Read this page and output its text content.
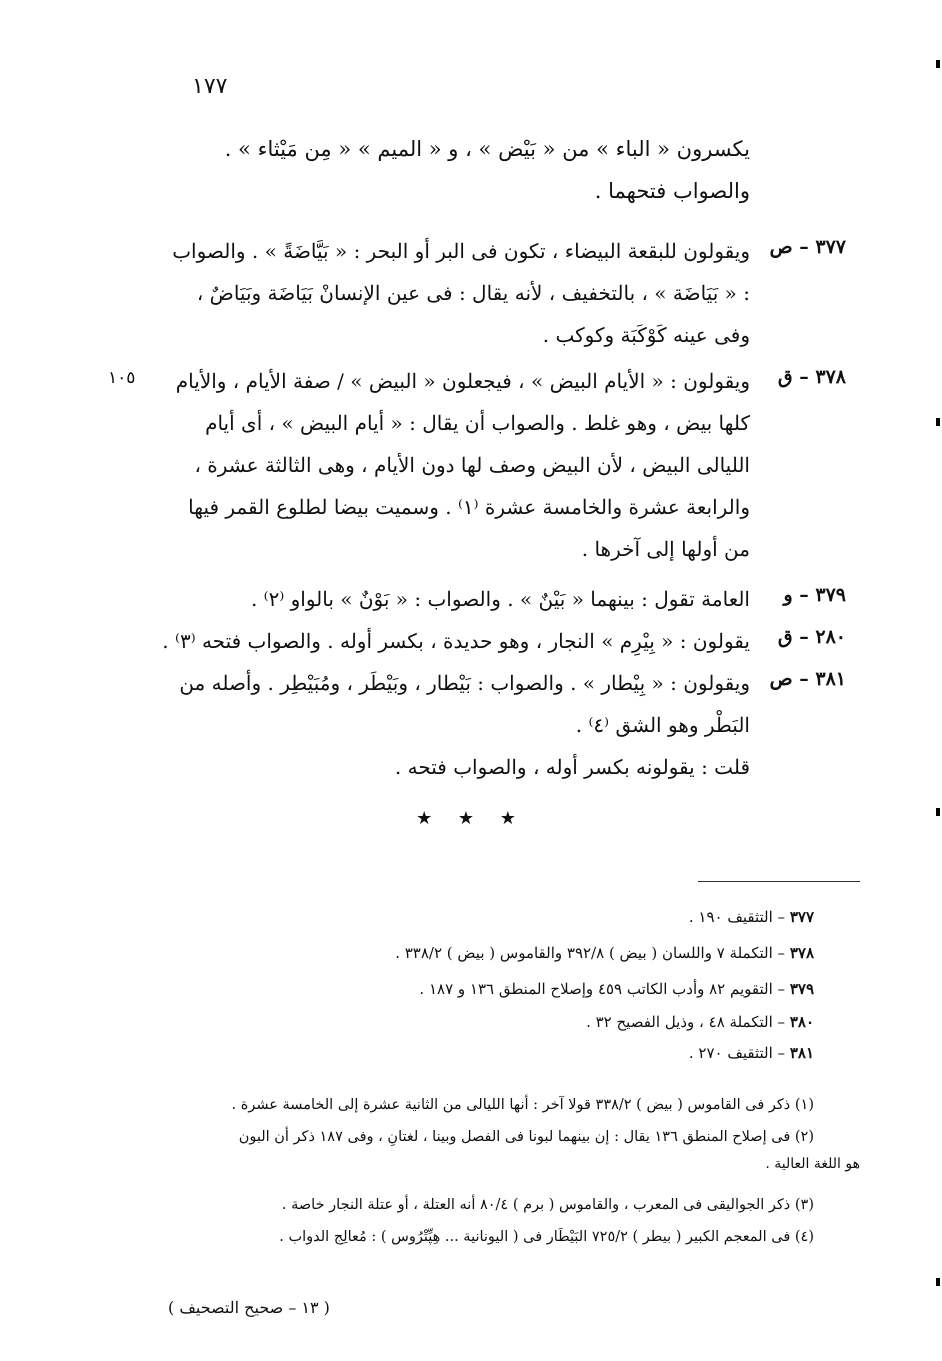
١٧٧
يكسرون « الباء » من « بَيْض » ، و « الميم » « مِن مَيْثاء » . والصواب فتحهما .
٣٧٧ – ص
ويقولون للبقعة البيضاء ، تكون فى البر أو البحر : « بَيَّاضَةً » . والصواب : « بَيَاضَة » ، بالتخفيف ، لأنه يقال : فى عين الإنسانْ بَيَاضَة وبَيَاضٌ ، وفى عينه كَوْكَبَة وكوكب .
٣٧٨ – ق
١٠٥	ويقولون : « الأيام البيض » ، فيجعلون « البيض » / صفة الأيام ، والأيام كلها بيض ، وهو غلط . والصواب أن يقال : « أيام البيض » ، أى أيام الليالى البيض ، لأن البيض وصف لها دون الأيام ، وهى الثالثة عشرة ، والرابعة عشرة والخامسة عشرة ⁽١⁾ . وسميت بيضا لطلوع القمر فيها من أولها إلى آخرها .
٣٧٩ – و
العامة تقول : بينهما « بَيْنٌ » . والصواب : « بَوْنٌ » بالواو ⁽٢⁾ .
٢٨٠ – ق
يقولون : « بِيْرِم » النجار ، وهو حديدة ، بكسر أوله . والصواب فتحه ⁽٣⁾ .
٣٨١ – ص
ويقولون : « بِيْطار » . والصواب : بَيْطار ، وبَيْطَر ، ومُبَيْطِر . وأصله من البَطْر وهو الشق ⁽٤⁾ .
قلت : يقولونه بكسر أوله ، والصواب فتحه .
★ ★ ★
٣٧٧ – التثقيف ١٩٠ .
٣٧٨ – التكملة ٧ واللسان ( بيض ) ٣٩٢/٨ والقاموس ( بيض ) ٣٣٨/٢ .
٣٧٩ – التقويم ٨٢ وأدب الكاتب ٤٥٩ وإصلاح المنطق ١٣٦ و ١٨٧ .
٣٨٠ – التكملة ٤٨ ، وذيل الفصيح ٣٢ .
٣٨١ – التثقيف ٢٧٠ .
(١) ذكر فى القاموس ( بيض ) ٣٣٨/٢ قولا آخر : أنها الليالى من الثانية عشرة إلى الخامسة عشرة .
(٢) فى إصلاح المنطق ١٣٦ يقال : إن بينهما لبونا فى الفصل وبينا ، لغتانِ ، وفى ١٨٧ ذكر أن البون
هو اللغة العالية .
(٣) ذكر الجواليقى فى المعرب ، والقاموس ( برم ) ٨٠/٤ أنه العتلة ، أو عتلة النجار خاصة .
(٤) فى المعجم الكبير ( بيطر ) ٧٢٥/٢ البَيْطَار فى ( اليونانية ... هِپِّتْرُوس ) : مُعالِج الدواب .
( ١٣ – صحيح التصحيف )
